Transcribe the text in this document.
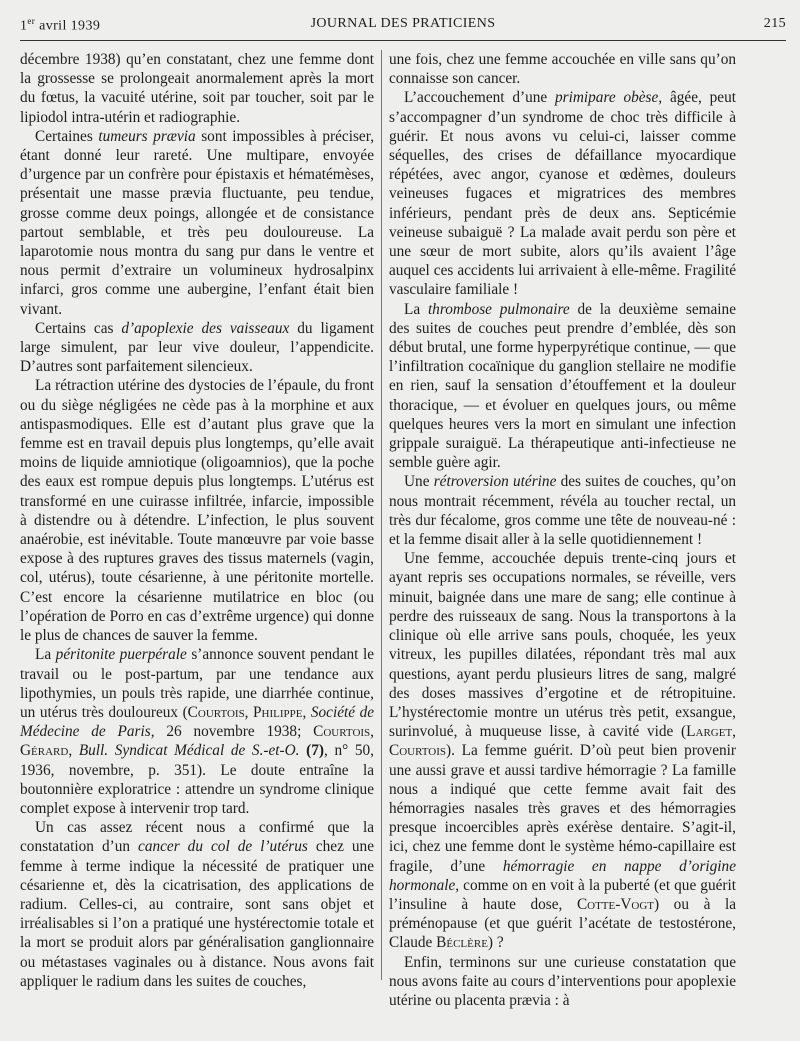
1er avril 1939	JOURNAL DES PRATICIENS	215

décembre 1938) qu’en constatant, chez une femme dont la grossesse se prolongeait anormalement après la mort du fœtus, la vacuité utérine, soit par toucher, soit par le lipiodol intra-utérin et radiographie.

Certaines tumeurs prævia sont impossibles à préciser, étant donné leur rareté. Une multipare, envoyée d’urgence par un confrère pour épistaxis et hématémèses, présentait une masse prævia fluctuante, peu tendue, grosse comme deux poings, allongée et de consistance partout semblable, et très peu douloureuse. La laparotomie nous montra du sang pur dans le ventre et nous permit d’extraire un volumineux hydrosalpinx infarci, gros comme une aubergine, l’enfant était bien vivant.

Certains cas d’apoplexie des vaisseaux du ligament large simulent, par leur vive douleur, l’appendicite. D’autres sont parfaitement silencieux.

La rétraction utérine des dystocies de l’épaule, du front ou du siège négligées ne cède pas à la morphine et aux antispasmodiques. Elle est d’autant plus grave que la femme est en travail depuis plus longtemps, qu’elle avait moins de liquide amniotique (oligoamnios), que la poche des eaux est rompue depuis plus longtemps. L’utérus est transformé en une cuirasse infiltrée, infarcie, impossible à distendre ou à détendre. L’infection, le plus souvent anaérobie, est inévitable. Toute manœuvre par voie basse expose à des ruptures graves des tissus maternels (vagin, col, utérus), toute césarienne, à une péritonite mortelle. C’est encore la césarienne mutilatrice en bloc (ou l’opération de Porro en cas d’extrême urgence) qui donne le plus de chances de sauver la femme.

La péritonite puerpérale s’annonce souvent pendant le travail ou le post-partum, par une tendance aux lipothymies, un pouls très rapide, une diarrhée continue, un utérus très douloureux (Courtois, Philippe, Société de Médecine de Paris, 26 novembre 1938; Courtois, Gérard, Bull. Syndicat Médical de S.-et-O. (7), n° 50, 1936, novembre, p. 351). Le doute entraîne la boutonnière exploratrice : attendre un syndrome clinique complet expose à intervenir trop tard.

Un cas assez récent nous a confirmé que la constatation d’un cancer du col de l’utérus chez une femme à terme indique la nécessité de pratiquer une césarienne et, dès la cicatrisation, des applications de radium. Celles-ci, au contraire, sont sans objet et irréalisables si l’on a pratiqué une hystérectomie totale et la mort se produit alors par généralisation ganglionnaire ou métastases vaginales ou à distance. Nous avons fait appliquer le radium dans les suites de couches,

une fois, chez une femme accouchée en ville sans qu’on connaisse son cancer.

L’accouchement d’une primipare obèse, âgée, peut s’accompagner d’un syndrome de choc très difficile à guérir. Et nous avons vu celui-ci, laisser comme séquelles, des crises de défaillance myocardique répétées, avec angor, cyanose et œdèmes, douleurs veineuses fugaces et migratrices des membres inférieurs, pendant près de deux ans. Septicémie veineuse subaiguë ? La malade avait perdu son père et une sœur de mort subite, alors qu’ils avaient l’âge auquel ces accidents lui arrivaient à elle-même. Fragilité vasculaire familiale !

La thrombose pulmonaire de la deuxième semaine des suites de couches peut prendre d’emblée, dès son début brutal, une forme hyperpyrétique continue, — que l’infiltration cocaïnique du ganglion stellaire ne modifie en rien, sauf la sensation d’étouffement et la douleur thoracique, — et évoluer en quelques jours, ou même quelques heures vers la mort en simulant une infection grippale suraiguë. La thérapeutique anti-infectieuse ne semble guère agir.

Une rétroversion utérine des suites de couches, qu’on nous montrait récemment, révéla au toucher rectal, un très dur fécalome, gros comme une tête de nouveau-né : et la femme disait aller à la selle quotidiennement !

Une femme, accouchée depuis trente-cinq jours et ayant repris ses occupations normales, se réveille, vers minuit, baignée dans une mare de sang; elle continue à perdre des ruisseaux de sang. Nous la transportons à la clinique où elle arrive sans pouls, choquée, les yeux vitreux, les pupilles dilatées, répondant très mal aux questions, ayant perdu plusieurs litres de sang, malgré des doses massives d’ergotine et de rétropituine. L’hystérectomie montre un utérus très petit, exsangue, surinvolué, à muqueuse lisse, à cavité vide (Larget, Courtois). La femme guérit. D’où peut bien provenir une aussi grave et aussi tardive hémorragie ? La famille nous a indiqué que cette femme avait fait des hémorragies nasales très graves et des hémorragies presque incoercibles après exérèse dentaire. S’agit-il, ici, chez une femme dont le système hémo-capillaire est fragile, d’une hémorragie en nappe d’origine hormonale, comme on en voit à la puberté (et que guérit l’insuline à haute dose, Cotte-Vogt) ou à la préménopause (et que guérit l’acétate de testostérone, Claude Béclère) ?

Enfin, terminons sur une curieuse constatation que nous avons faite au cours d’interventions pour apoplexie utérine ou placenta prævia : à
